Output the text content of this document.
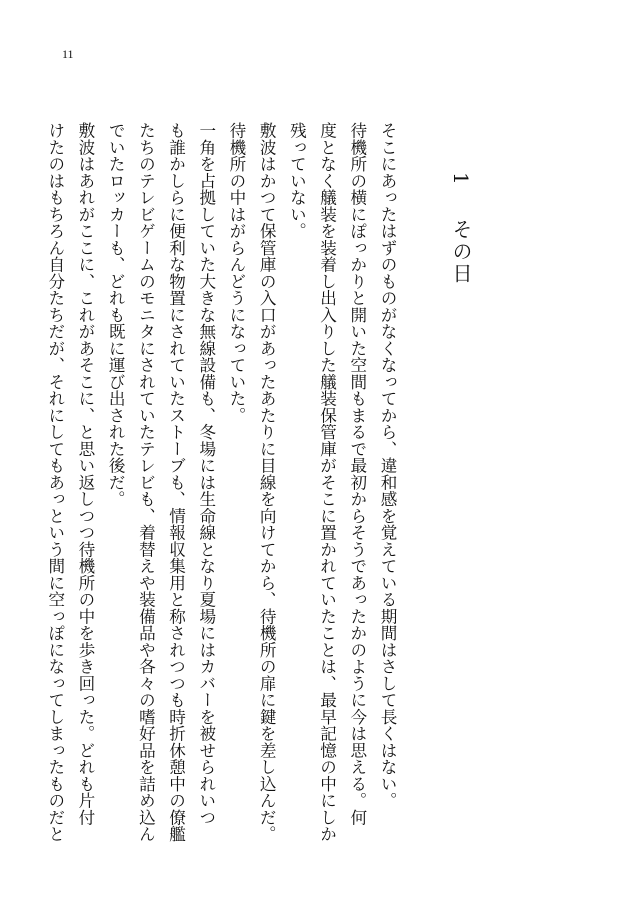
11
1その日

そこにあったはずのものがなくなってから、違和感を覚えている期間はさして長くはない。

待機所の横にぽっかりと開いた空間もまるで最初からそうであったかのように今は思える。何

度となく艤装を装着し出入りした艤装保管庫がそこに置かれていたことは、最早記憶の中にしか

残っていない。

敷波はかつて保管庫の入口があったあたりに目線を向けてから、待機所の扉に鍵を差し込んだ。

待機所の中はがらんどうになっていた。

一角を占拠していた大きな無線設備も、冬場には生命線となり夏場にはカバーを被せられいつ

も誰かしらに便利な物置にされていたストーブも、情報収集用と称されつつも時折休憩中の僚艦

たちのテレビゲームのモニタにされていたテレビも、着替えや装備品や各々の嗜好品を詰め込ん

でいたロッカーも、どれも既に運び出された後だ。

敷波はあれがここに、これがあそこに、と思い返しつつ待機所の中を歩き回った。どれも片付

けたのはもちろん自分たちだが、それにしてもあっという間に空っぽになってしまったものだと
